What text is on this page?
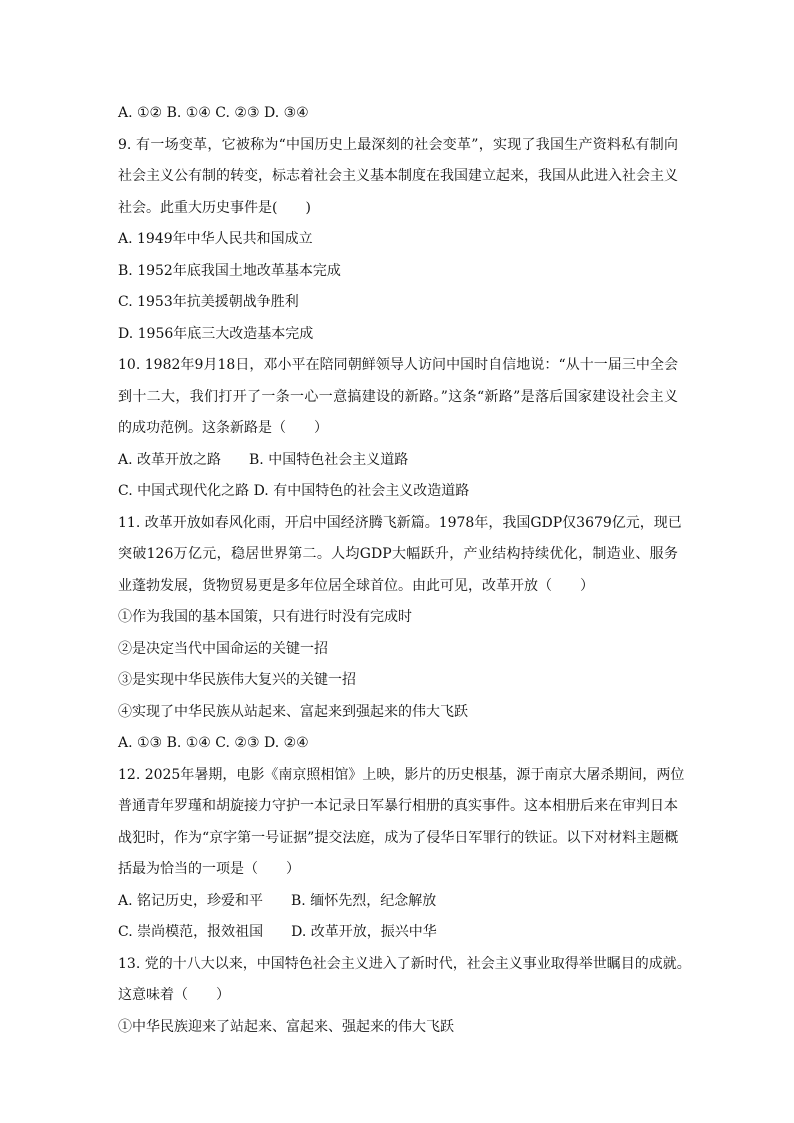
A. ①② B. ①④ C. ②③ D. ③④
9. 有一场变革，它被称为“中国历史上最深刻的社会变革”，实现了我国生产资料私有制向
社会主义公有制的转变，标志着社会主义基本制度在我国建立起来，我国从此进入社会主义
社会。此重大历史事件是(　　)
A. 1949年中华人民共和国成立
B. 1952年底我国土地改革基本完成
C. 1953年抗美援朝战争胜利
D. 1956年底三大改造基本完成
10. 1982年9月18日，邓小平在陪同朝鲜领导人访问中国时自信地说：“从十一届三中全会
到十二大，我们打开了一条一心一意搞建设的新路。”这条“新路”是落后国家建设社会主义
的成功范例。这条新路是（　　）
A. 改革开放之路 B. 中国特色社会主义道路
C. 中国式现代化之路 D. 有中国特色的社会主义改造道路
11. 改革开放如春风化雨，开启中国经济腾飞新篇。1978年，我国GDP仅3679亿元，现已
突破126万亿元，稳居世界第二。人均GDP大幅跃升，产业结构持续优化，制造业、服务
业蓬勃发展，货物贸易更是多年位居全球首位。由此可见，改革开放（　　）
①作为我国的基本国策，只有进行时没有完成时
②是决定当代中国命运的关键一招
③是实现中华民族伟大复兴的关键一招
④实现了中华民族从站起来、富起来到强起来的伟大飞跃
A. ①③ B. ①④ C. ②③ D. ②④
12. 2025年暑期，电影《南京照相馆》上映，影片的历史根基，源于南京大屠杀期间，两位
普通青年罗瑾和胡旋接力守护一本记录日军暴行相册的真实事件。这本相册后来在审判日本
战犯时，作为“京字第一号证据”提交法庭，成为了侵华日军罪行的铁证。以下对材料主题概
括最为恰当的一项是（　　）
A. 铭记历史，珍爱和平 B. 缅怀先烈，纪念解放
C. 崇尚模范，报效祖国 D. 改革开放，振兴中华
13. 党的十八大以来，中国特色社会主义进入了新时代，社会主义事业取得举世瞩目的成就。
这意味着（　　）
①中华民族迎来了站起来、富起来、强起来的伟大飞跃
